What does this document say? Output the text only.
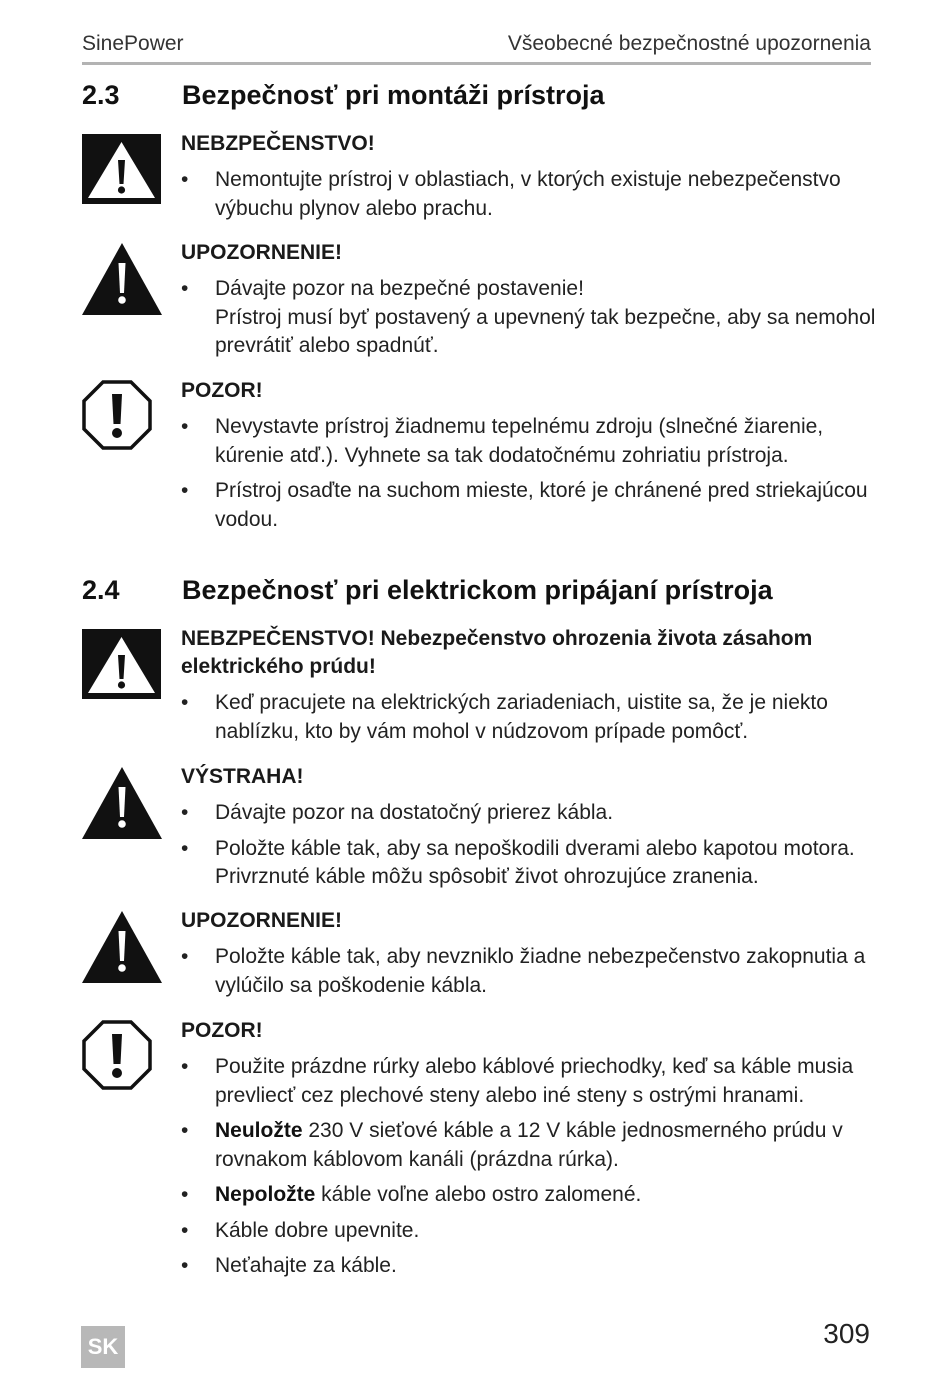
SinePower	Všeobecné bezpečnostné upozornenia
2.3 Bezpečnosť pri montáži prístroja
NEBZPEČENSTVO!
• Nemontujte prístroj v oblastiach, v ktorých existuje nebezpečenstvo výbuchu plynov alebo prachu.
UPOZORNENIE!
• Dávajte pozor na bezpečné postavenie!
Prístroj musí byť postavený a upevnený tak bezpečne, aby sa nemohol prevrátiť alebo spadnúť.
POZOR!
• Nevystavte prístroj žiadnemu tepelnému zdroju (slnečné žiarenie, kúrenie atď.). Vyhnete sa tak dodatočnému zohriatiu prístroja.
• Prístroj osaďte na suchom mieste, ktoré je chránené pred striekajúcou vodou.
2.4 Bezpečnosť pri elektrickom pripájaní prístroja
NEBZPEČENSTVO! Nebezpečenstvo ohrozenia života zásahom elektrického prúdu!
• Keď pracujete na elektrických zariadeniach, uistite sa, že je niekto nablízku, kto by vám mohol v núdzovom prípade pomôcť.
VÝSTRAHA!
• Dávajte pozor na dostatočný prierez kábla.
• Položte káble tak, aby sa nepoškodili dverami alebo kapotou motora. Privrznuté káble môžu spôsobiť život ohrozujúce zranenia.
UPOZORNENIE!
• Položte káble tak, aby nevzniklo žiadne nebezpečenstvo zakopnutia a vylúčilo sa poškodenie kábla.
POZOR!
• Použite prázdne rúrky alebo káblové priechodky, keď sa káble musia prevliecť cez plechové steny alebo iné steny s ostrými hranami.
• Neuložte 230 V sieťové káble a 12 V káble jednosmerného prúdu v rovnakom káblovom kanáli (prázdna rúrka).
• Nepoložte káble voľne alebo ostro zalomené.
• Káble dobre upevnite.
• Neťahajte za káble.
SK	309
